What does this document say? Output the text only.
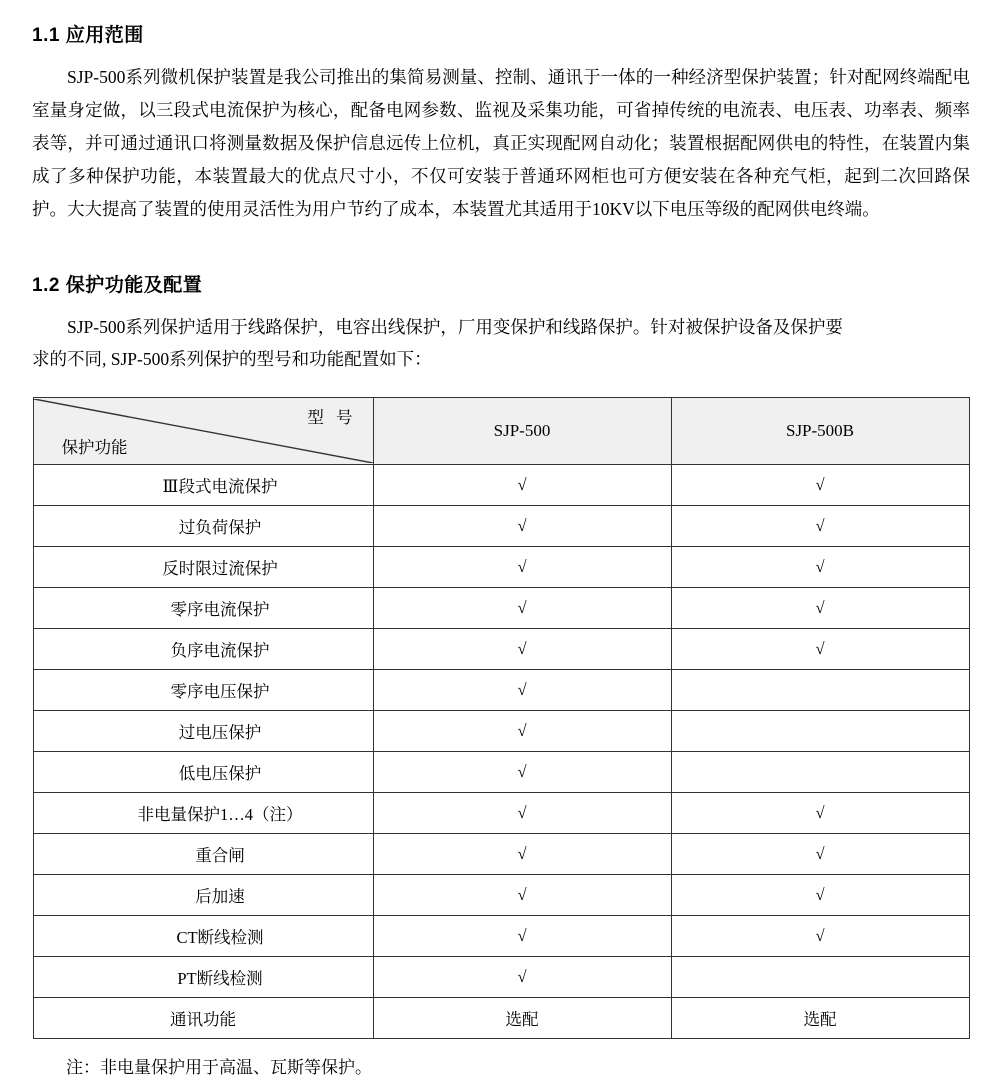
1.1 应用范围

SJP-500系列微机保护装置是我公司推出的集简易测量、控制、通讯于一体的一种经济型保护装置；针对配网终端配电室量身定做，以三段式电流保护为核心，配备电网参数、监视及采集功能，可省掉传统的电流表、电压表、功率表、频率表等，并可通过通讯口将测量数据及保护信息远传上位机，真正实现配网自动化；装置根据配网供电的特性，在装置内集成了多种保护功能，本装置最大的优点尺寸小，不仅可安装于普通环网柜也可方便安装在各种充气柜，起到二次回路保护。大大提高了装置的使用灵活性为用户节约了成本，本装置尤其适用于10KV以下电压等级的配网供电终端。

1.2 保护功能及配置
SJP-500系列保护适用于线路保护，电容出线保护，厂用变保护和线路保护。针对被保护设备及保护要
求的不同, SJP-500系列保护的型号和功能配置如下：
型 号
保护功能	SJP-500	SJP-500B
Ⅲ段式电流保护	√	√
过负荷保护	√	√
反时限过流保护	√	√
零序电流保护	√	√
负序电流保护	√	√
零序电压保护	√	
过电压保护	√	
低电压保护	√	
非电量保护1…4（注）	√	√
重合闸	√	√
后加速	√	√
CT断线检测	√	√
PT断线检测	√	
通讯功能	选配	选配
注：非电量保护用于高温、瓦斯等保护。
